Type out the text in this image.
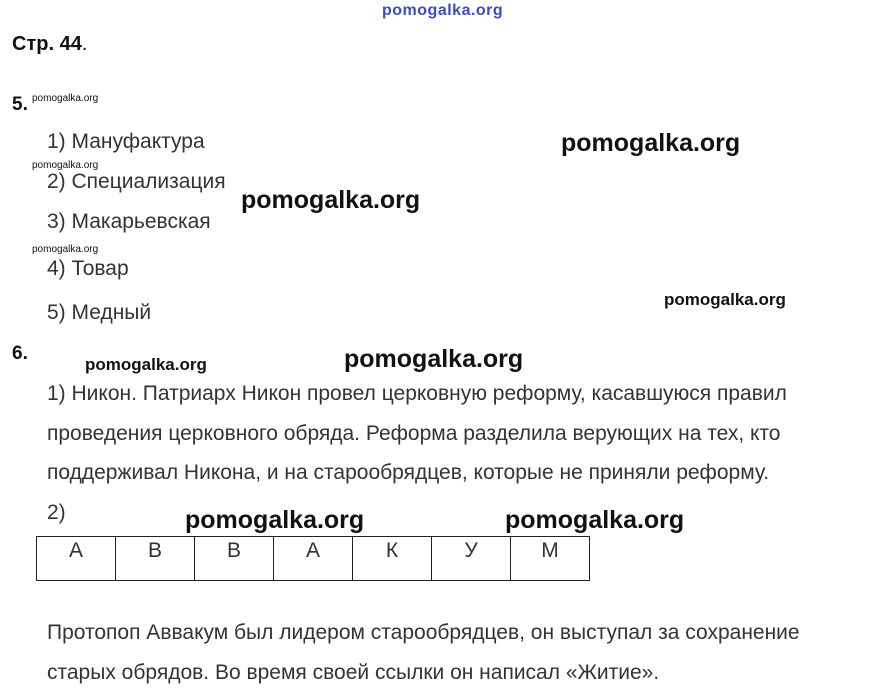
pomogalka.org
Стр. 44.
5. pomogalka.org
1) Мануфактура
pomogalka.org
2) Специализация
3) Макарьевская
pomogalka.org
4) Товар
5) Медный
pomogalka.org
pomogalka.org
pomogalka.org
6.
pomogalka.org	pomogalka.org
1) Никон. Патриарх Никон провел церковную реформу, касавшуюся правил
проведения церковного обряда. Реформа разделила верующих на тех, кто
поддерживал Никона, и на старообрядцев, которые не приняли реформу.
2)	pomogalka.org	pomogalka.org
А	В	В	А	К	У	М
Протопоп Аввакум был лидером старообрядцев, он выступал за сохранение
старых обрядов. Во время своей ссылки он написал «Житие».
